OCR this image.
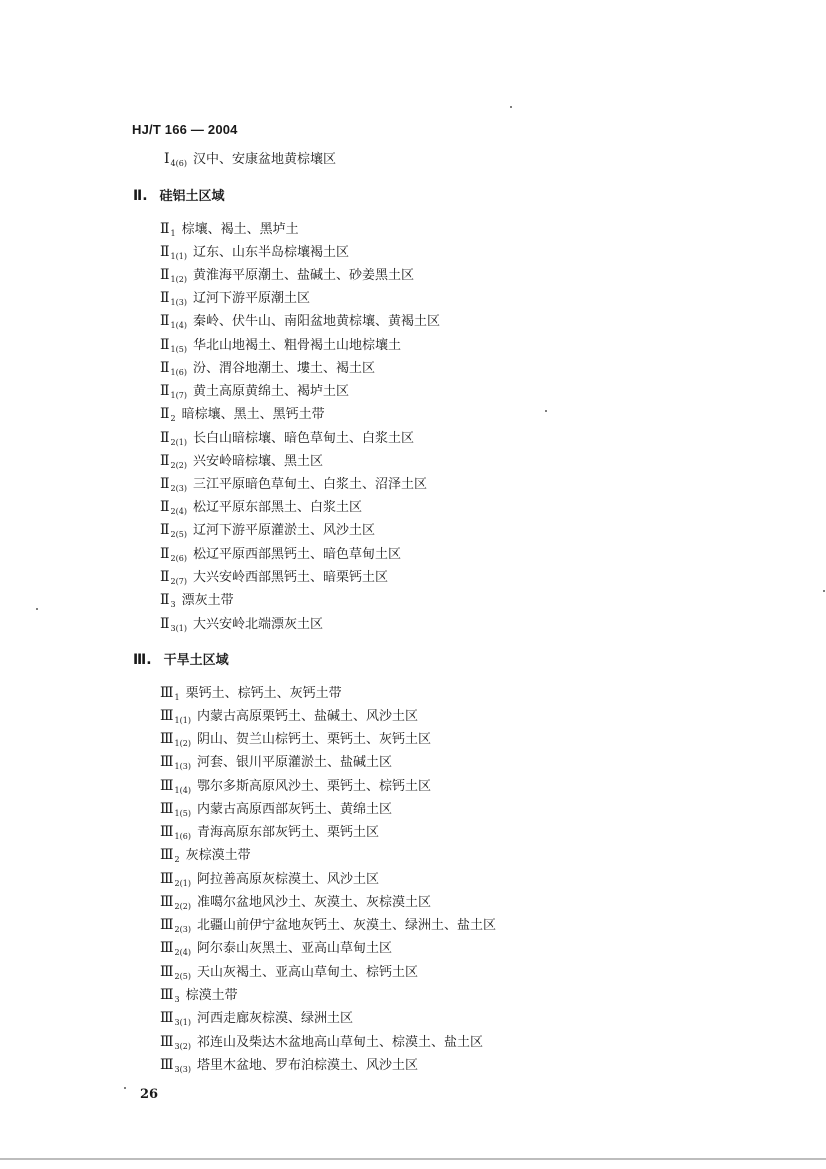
HJ/T 166 — 2004
$Ⅰ_{4(6)}$ 汉中、安康盆地黄棕壤区
Ⅱ. 硅铝土区域
$Ⅱ_1$ 棕壤、褐土、黑垆土
$Ⅱ_{1(1)}$ 辽东、山东半岛棕壤褐土区
$Ⅱ_{1(2)}$ 黄淮海平原潮土、盐碱土、砂姜黑土区
$Ⅱ_{1(3)}$ 辽河下游平原潮土区
$Ⅱ_{1(4)}$ 秦岭、伏牛山、南阳盆地黄棕壤、黄褐土区
$Ⅱ_{1(5)}$ 华北山地褐土、粗骨褐土山地棕壤土
$Ⅱ_{1(6)}$ 汾、渭谷地潮土、塿土、褐土区
$Ⅱ_{1(7)}$ 黄土高原黄绵土、褐垆土区
$Ⅱ_2$ 暗棕壤、黑土、黑钙土带
$Ⅱ_{2(1)}$ 长白山暗棕壤、暗色草甸土、白浆土区
$Ⅱ_{2(2)}$ 兴安岭暗棕壤、黑土区
$Ⅱ_{2(3)}$ 三江平原暗色草甸土、白浆土、沼泽土区
$Ⅱ_{2(4)}$ 松辽平原东部黑土、白浆土区
$Ⅱ_{2(5)}$ 辽河下游平原灌淤土、风沙土区
$Ⅱ_{2(6)}$ 松辽平原西部黑钙土、暗色草甸土区
$Ⅱ_{2(7)}$ 大兴安岭西部黑钙土、暗栗钙土区
$Ⅱ_3$ 漂灰土带
$Ⅱ_{3(1)}$ 大兴安岭北端漂灰土区
Ⅲ. 干旱土区域
$Ⅲ_1$ 栗钙土、棕钙土、灰钙土带
$Ⅲ_{1(1)}$ 内蒙古高原栗钙土、盐碱土、风沙土区
$Ⅲ_{1(2)}$ 阴山、贺兰山棕钙土、栗钙土、灰钙土区
$Ⅲ_{1(3)}$ 河套、银川平原灌淤土、盐碱土区
$Ⅲ_{1(4)}$ 鄂尔多斯高原风沙土、栗钙土、棕钙土区
$Ⅲ_{1(5)}$ 内蒙古高原西部灰钙土、黄绵土区
$Ⅲ_{1(6)}$ 青海高原东部灰钙土、栗钙土区
$Ⅲ_2$ 灰棕漠土带
$Ⅲ_{2(1)}$ 阿拉善高原灰棕漠土、风沙土区
$Ⅲ_{2(2)}$ 准噶尔盆地风沙土、灰漠土、灰棕漠土区
$Ⅲ_{2(3)}$ 北疆山前伊宁盆地灰钙土、灰漠土、绿洲土、盐土区
$Ⅲ_{2(4)}$ 阿尔泰山灰黑土、亚高山草甸土区
$Ⅲ_{2(5)}$ 天山灰褐土、亚高山草甸土、棕钙土区
$Ⅲ_3$ 棕漠土带
$Ⅲ_{3(1)}$ 河西走廊灰棕漠、绿洲土区
$Ⅲ_{3(2)}$ 祁连山及柴达木盆地高山草甸土、棕漠土、盐土区
$Ⅲ_{3(3)}$ 塔里木盆地、罗布泊棕漠土、风沙土区
26
